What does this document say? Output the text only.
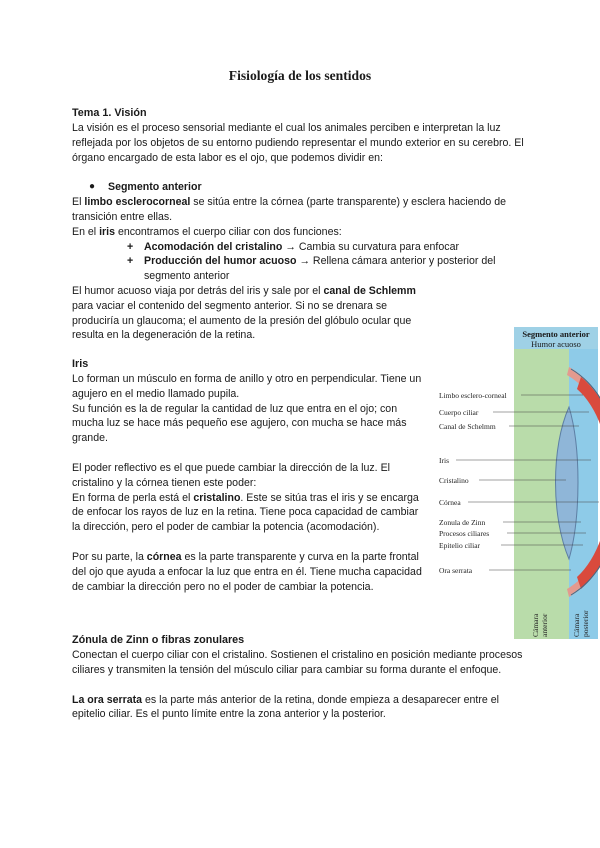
Fisiología de los sentidos
Tema 1. Visión

La visión es el proceso sensorial mediante el cual los animales perciben e interpretan la luz reflejada por los objetos de su entorno pudiendo representar el mundo exterior en su cerebro. El órgano encargado de esta labor es el ojo, que podemos dividir en:

● Segmento anterior

El limbo esclerocorneal se sitúa entre la córnea (parte transparente) y esclera haciendo de transición entre ellas.

En el iris encontramos el cuerpo ciliar con dos funciones:

+ Acomodación del cristalino → Cambia su curvatura para enfocar
+ Producción del humor acuoso → Rellena cámara anterior y posterior del segmento anterior

El humor acuoso viaja por detrás del iris y sale por el canal de Schlemm para vaciar el contenido del segmento anterior. Si no se drenara se produciría un glaucoma; el aumento de la presión del glóbulo ocular que resulta en la degeneración de la retina.

Iris

Lo forman un músculo en forma de anillo y otro en perpendicular. Tiene un agujero en el medio llamado pupila.

Su función es la de regular la cantidad de luz que entra en el ojo; con mucha luz se hace más pequeño ese agujero, con mucha se hace más grande.

El poder reflectivo es el que puede cambiar la dirección de la luz. El cristalino y la córnea tienen este poder:

En forma de perla está el cristalino. Este se sitúa tras el iris y se encarga de enfocar los rayos de luz en la retina. Tiene poca capacidad de cambiar la dirección, pero el poder de cambiar la potencia (acomodación).

Por su parte, la córnea es la parte transparente y curva en la parte frontal del ojo que ayuda a enfocar la luz que entra en él. Tiene mucha capacidad de cambiar la dirección pero no el poder de cambiar la potencia.

Zónula de Zinn o fibras zonulares

Conectan el cuerpo ciliar con el cristalino. Sostienen el cristalino en posición mediante procesos ciliares y transmiten la tensión del músculo ciliar para cambiar su forma durante el enfoque.

La ora serrata es la parte más anterior de la retina, donde empieza a desaparecer entre el epitelio ciliar. Es el punto límite entre la zona anterior y la posterior.

Segmento anterior
Humor acuoso
Limbo esclero-corneal
Cuerpo ciliar
Canal de Schelmm
Iris
Cristalino
Córnea
Zonula de Zinn
Procesos ciliares
Epitelio ciliar
Ora serrata
Cámara anterior	Cámara posterior
